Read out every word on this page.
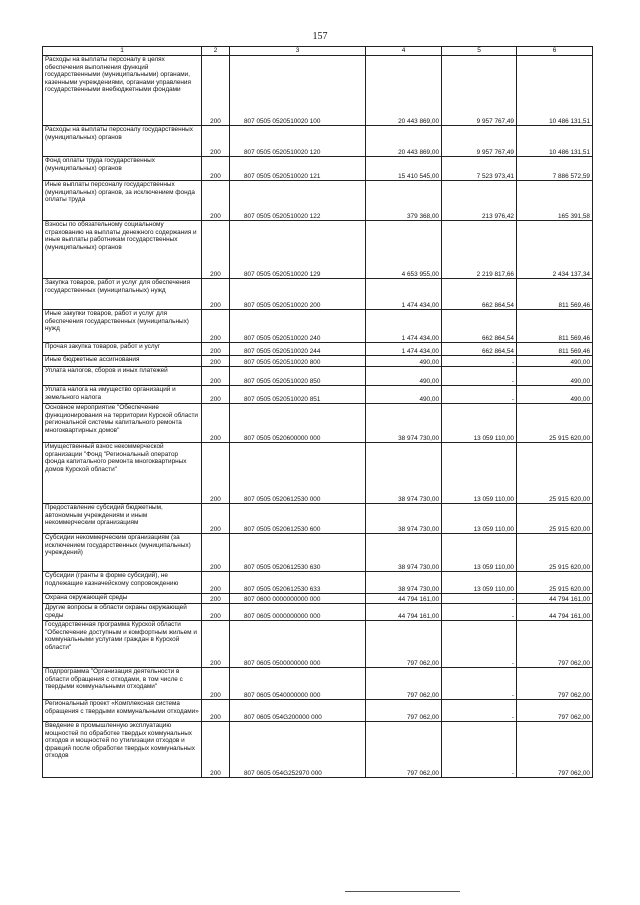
157
1	2	3	4	5	6
Расходы на выплаты персоналу в целях обеспечения выполнения функций государственными (муниципальными) органами, казенными учреждениями, органами управления государственными внебюджетными фондами	200	807 0505 0520510020 100	20 443 869,00	9 957 767,49	10 486 131,51
Расходы на выплаты персоналу государственных (муниципальных) органов	200	807 0505 0520510020 120	20 443 869,00	9 957 767,49	10 486 131,51
Фонд оплаты труда государственных (муниципальных) органов	200	807 0505 0520510020 121	15 410 545,00	7 523 973,41	7 886 572,59
Иные выплаты персоналу государственных (муниципальных) органов, за исключением фонда оплаты труда	200	807 0505 0520510020 122	379 368,00	213 976,42	165 391,58
Взносы по обязательному социальному страхованию на выплаты денежного содержания и иные выплаты работникам государственных (муниципальных) органов	200	807 0505 0520510020 129	4 653 955,00	2 219 817,66	2 434 137,34
Закупка товаров, работ и услуг для обеспечения государственных (муниципальных) нужд	200	807 0505 0520510020 200	1 474 434,00	662 864,54	811 569,46
Иные закупки товаров, работ и услуг для обеспечения государственных (муниципальных) нужд	200	807 0505 0520510020 240	1 474 434,00	662 864,54	811 569,46
Прочая закупка товаров, работ и услуг	200	807 0505 0520510020 244	1 474 434,00	662 864,54	811 569,46
Иные бюджетные ассигнования	200	807 0505 0520510020 800	490,00	-	490,00
Уплата налогов, сборов и иных платежей	200	807 0505 0520510020 850	490,00	-	490,00
Уплата налога на имущество организаций и земельного налога	200	807 0505 0520510020 851	490,00	-	490,00
Основное мероприятие "Обеспечение функционирования на территории Курской области региональной системы капитального ремонта многоквартирных домов"	200	807 0505 0520600000 000	38 974 730,00	13 059 110,00	25 915 620,00
Имущественный взнос некоммерческой организации "Фонд "Региональный оператор фонда капитального ремонта многоквартирных домов Курской области"	200	807 0505 0520612530 000	38 974 730,00	13 059 110,00	25 915 620,00
Предоставление субсидий бюджетным, автономным учреждениям и иным некоммерческим организациям	200	807 0505 0520612530 600	38 974 730,00	13 059 110,00	25 915 620,00
Субсидии некоммерческим организациям (за исключением государственных (муниципальных) учреждений)	200	807 0505 0520612530 630	38 974 730,00	13 059 110,00	25 915 620,00
Субсидии (гранты в форме субсидий), не подлежащие казначейскому сопровождению	200	807 0505 0520612530 633	38 974 730,00	13 059 110,00	25 915 620,00
Охрана окружающей среды	200	807 0600 0000000000 000	44 794 161,00	-	44 794 161,00
Другие вопросы в области охраны окружающей среды	200	807 0605 0000000000 000	44 794 161,00	-	44 794 161,00
Государственная программа Курской области "Обеспечение доступным и комфортным жильем и коммунальными услугами граждан в Курской области"	200	807 0605 0500000000 000	797 062,00	-	797 062,00
Подпрограмма "Организация деятельности в области обращения с отходами, в том числе с твердыми коммунальными отходами"	200	807 0605 0540000000 000	797 062,00	-	797 062,00
Региональный проект «Комплексная система обращения с твердыми коммунальными отходами»	200	807 0605 054G200000 000	797 062,00	-	797 062,00
Введение в промышленную эксплуатацию мощностей по обработке твердых коммунальных отходов и мощностей по утилизации отходов и фракций после обработки твердых коммунальных отходов	200	807 0605 054G252970 000	797 062,00	-	797 062,00
